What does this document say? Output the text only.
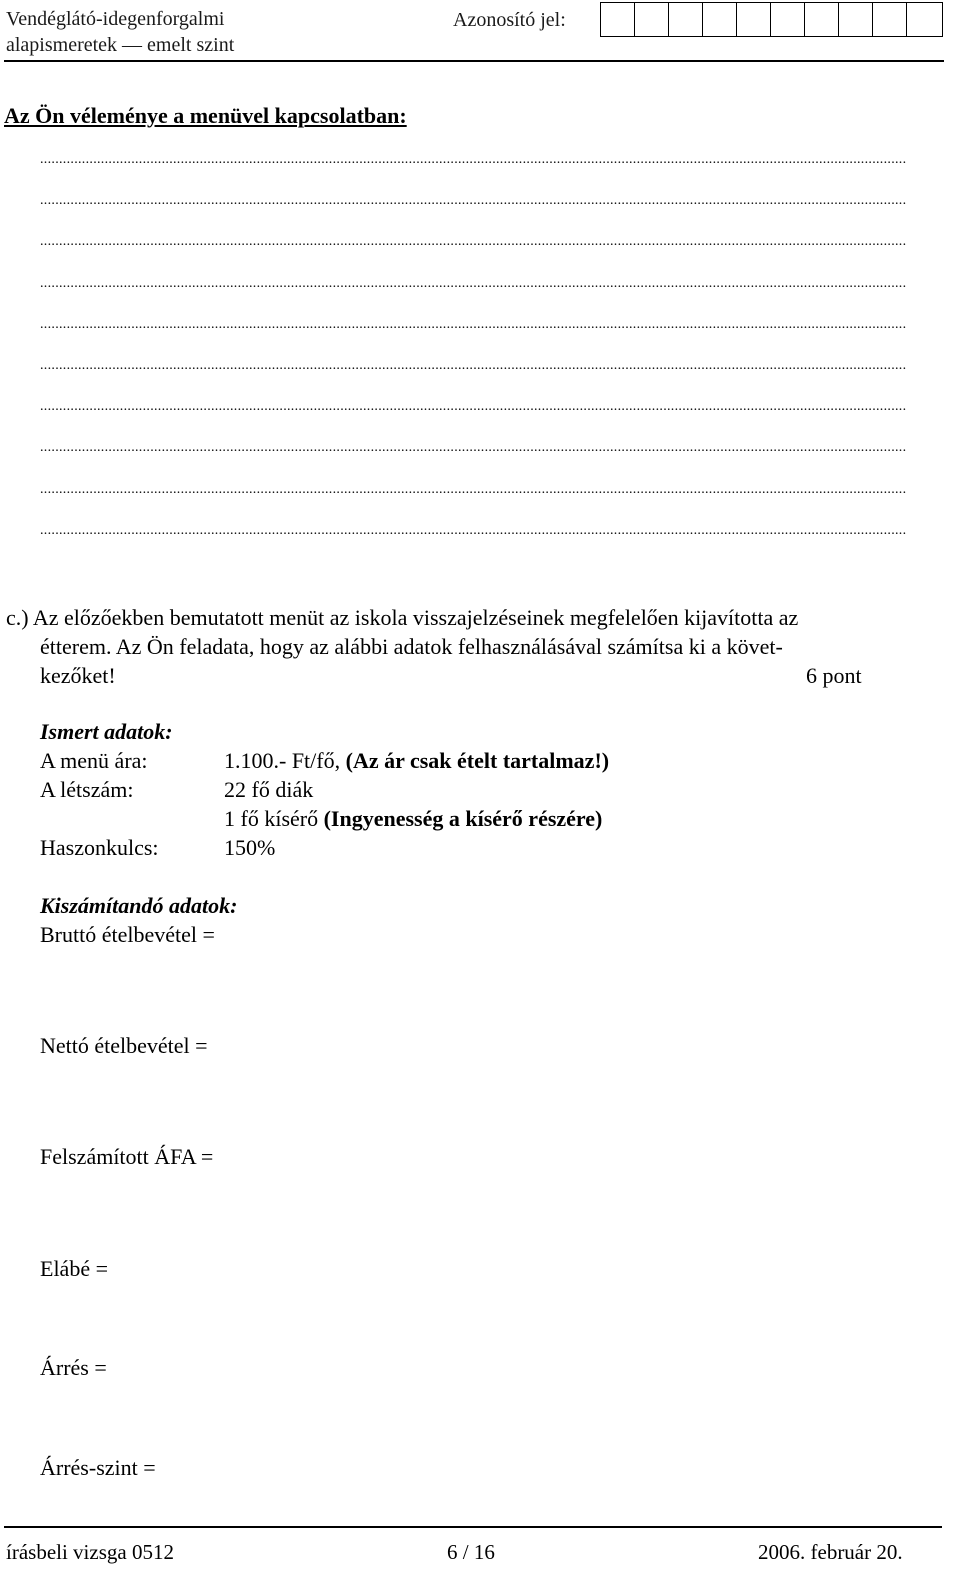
Vendéglátó-idegenforgalmi
alapismeretek — emelt szint
Azonosító jel:
Az Ön véleménye a menüvel kapcsolatban:
....................................................................................................................................................................................................................................
....................................................................................................................................................................................................................................
....................................................................................................................................................................................................................................
....................................................................................................................................................................................................................................
....................................................................................................................................................................................................................................
....................................................................................................................................................................................................................................
....................................................................................................................................................................................................................................
....................................................................................................................................................................................................................................
....................................................................................................................................................................................................................................
....................................................................................................................................................................................................................................

c.) Az előzőekben bemutatott menüt az iskola visszajelzéseinek megfelelően kijavította az

étterem. Az Ön feladata, hogy az alábbi adatok felhasználásával számítsa ki a követ-

kezőket!	6 pont
Ismert adatok:
A menü ára:	1.100.- Ft/fő, (Az ár csak ételt tartalmaz!)
A létszám:	22 fő diák
1 fő kísérő (Ingyenesség a kísérő részére)
Haszonkulcs:	150%
Kiszámítandó adatok:
Bruttó ételbevétel =
Nettó ételbevétel =
Felszámított ÁFA =
Elábé =
Árrés =
Árrés-szint =
írásbeli vizsga 0512	6 / 16	2006. február 20.
